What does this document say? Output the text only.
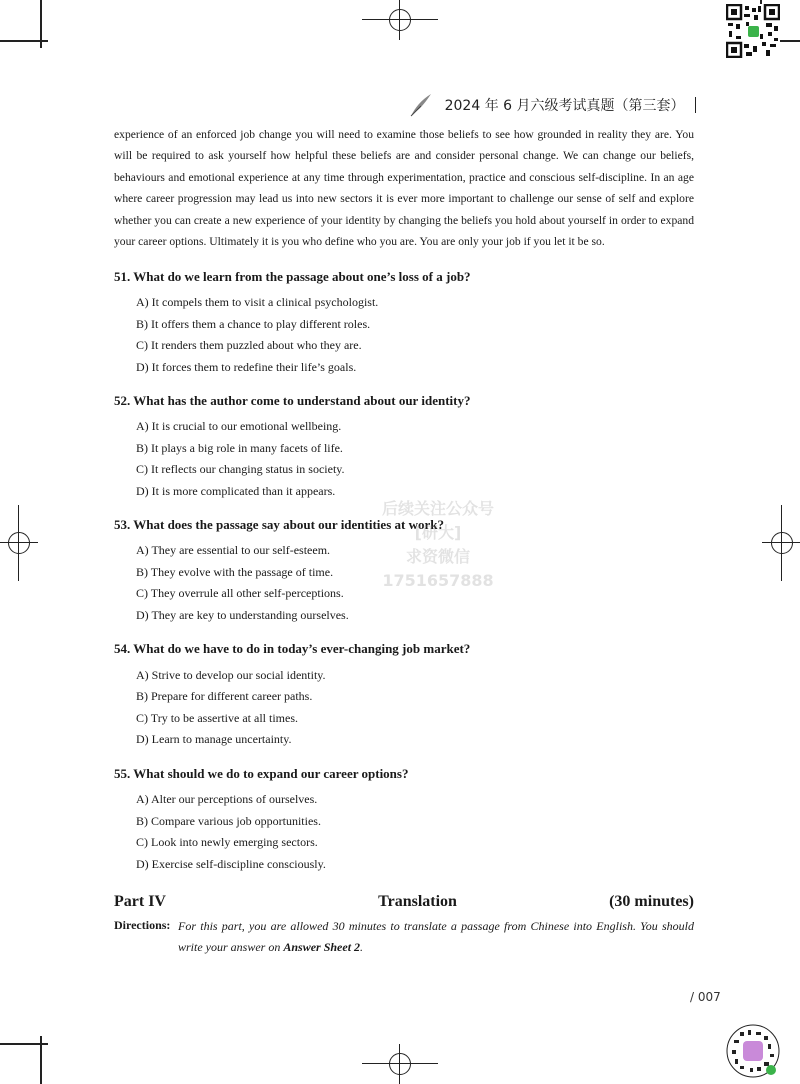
2024 年 6 月六级考试真题（第三套）
experience of an enforced job change you will need to examine those beliefs to see how grounded in reality they are. You will be required to ask yourself how helpful these beliefs are and consider personal change. We can change our beliefs, behaviours and emotional experience at any time through experimentation, practice and conscious self-discipline. In an age where career progression may lead us into new sectors it is ever more important to challenge our sense of self and explore whether you can create a new experience of your identity by changing the beliefs you hold about yourself in order to expand your career options. Ultimately it is you who define who you are. You are only your job if you let it be so.
51. What do we learn from the passage about one’s loss of a job?
A) It compels them to visit a clinical psychologist.
B) It offers them a chance to play different roles.
C) It renders them puzzled about who they are.
D) It forces them to redefine their life’s goals.
52. What has the author come to understand about our identity?
A) It is crucial to our emotional wellbeing.
B) It plays a big role in many facets of life.
C) It reflects our changing status in society.
D) It is more complicated than it appears.
53. What does the passage say about our identities at work?
A) They are essential to our self-esteem.
B) They evolve with the passage of time.
C) They overrule all other self-perceptions.
D) They are key to understanding ourselves.
54. What do we have to do in today’s ever-changing job market?
A) Strive to develop our social identity.
B) Prepare for different career paths.
C) Try to be assertive at all times.
D) Learn to manage uncertainty.
55. What should we do to expand our career options?
A) Alter our perceptions of ourselves.
B) Compare various job opportunities.
C) Look into newly emerging sectors.
D) Exercise self-discipline consciously.
后续关注公众号[研大]
求资微信1751657888
Part IV	Translation	(30 minutes)
Directions: For this part, you are allowed 30 minutes to translate a passage from Chinese into English. You should write your answer on Answer Sheet 2.
/ 007
